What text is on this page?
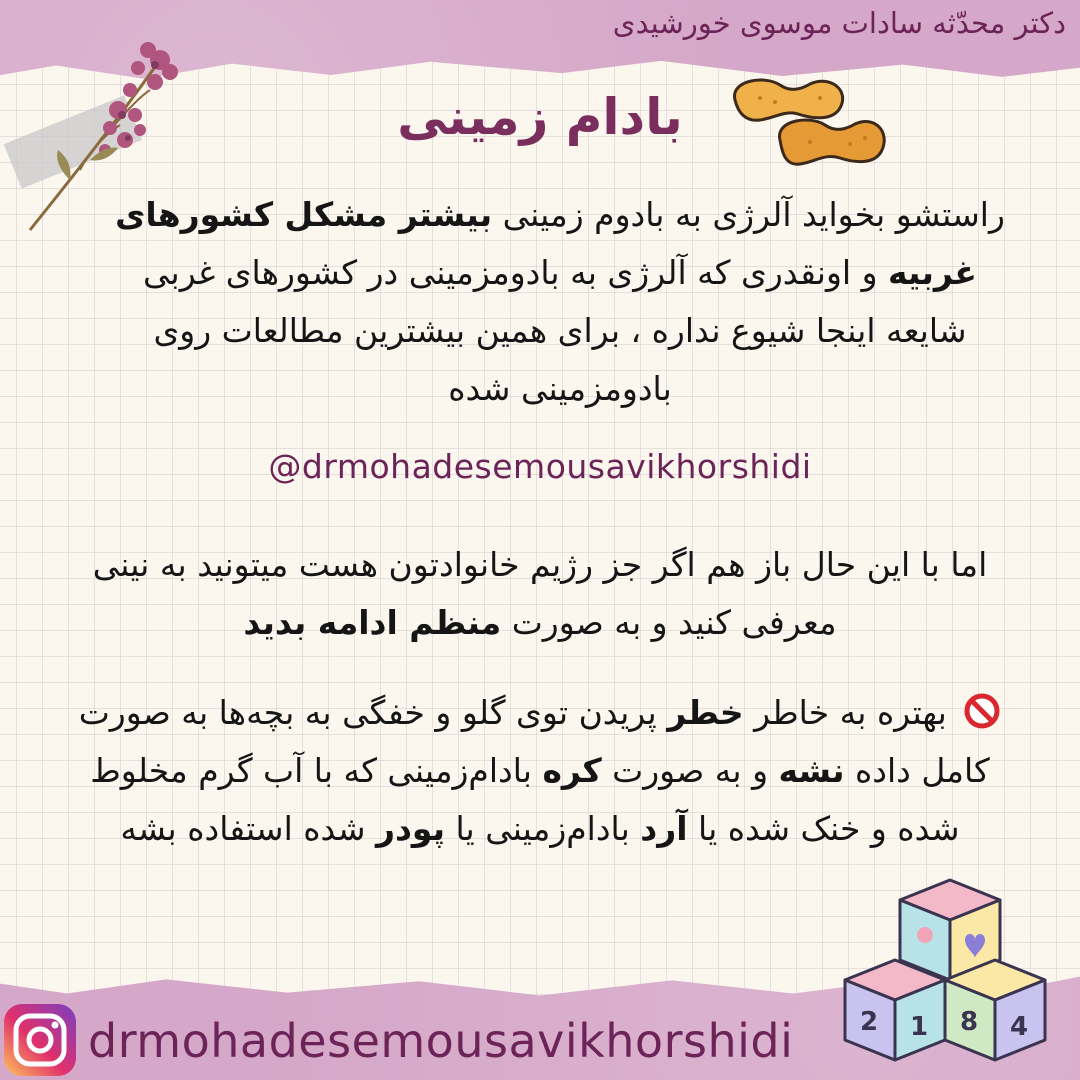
دکتر محدّثه سادات موسوی خورشیدی
بادام زمینی
راستشو بخواید آلرژی به بادوم زمینی بیشتر مشکل کشورهای غربیه و اونقدری که آلرژی به بادومزمینی در کشورهای غربی شایعه اینجا شیوع نداره ، برای همین بیشترین مطالعات روی بادومزمینی شده
@drmohadesemousavikhorshidi
اما با این حال باز هم اگر جز رژیم خانوادتون هست میتونید به نینی معرفی کنید و به صورت منظم ادامه بدید
بهتره به خاطر خطر پریدن توی گلو و خفگی به بچه‌ها به صورت کامل داده نشه و به صورت کره بادام‌زمینی که با آب گرم مخلوط شده و خنک شده یا آرد بادام‌زمینی یا پودر شده استفاده بشه
2 1 8 4
drmohadesemousavikhorshidi
